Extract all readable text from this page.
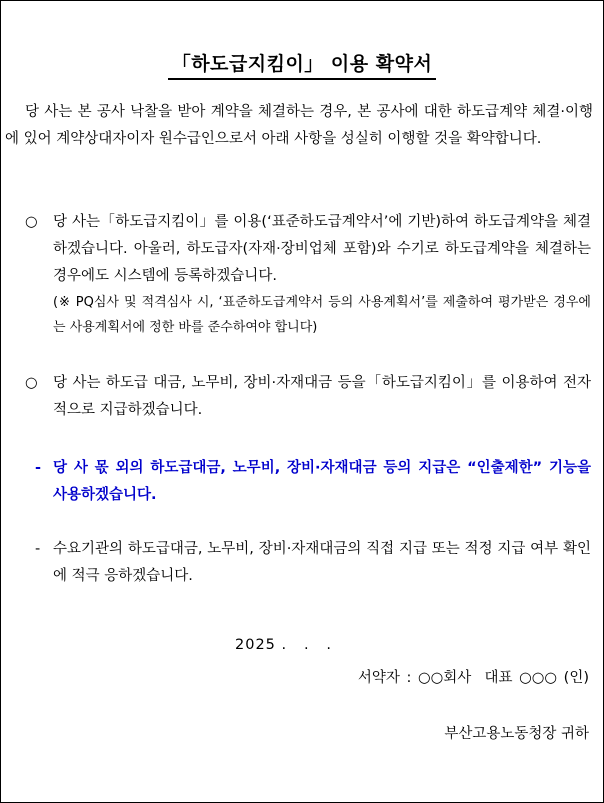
「하도급지킴이」 이용 확약서
당 사는 본 공사 낙찰을 받아 계약을 체결하는 경우, 본 공사에 대한 하도급계약 체결·이행에 있어 계약상대자이자 원수급인으로서 아래 사항을 성실히 이행할 것을 확약합니다.
○ 당 사는「하도급지킴이」를 이용(‘표준하도급계약서’에 기반)하여 하도급계약을 체결하겠습니다. 아울러, 하도급자(자재·장비업체 포함)와 수기로 하도급계약을 체결하는 경우에도 시스템에 등록하겠습니다.
(※ PQ심사 및 적격심사 시, ‘표준하도급계약서 등의 사용계획서’를 제출하여 평가받은 경우에는 사용계획서에 정한 바를 준수하여야 합니다)
○ 당 사는 하도급 대금, 노무비, 장비·자재대금 등을「하도급지킴이」를 이용하여 전자적으로 지급하겠습니다.
- 당 사 몫 외의 하도급대금, 노무비, 장비·자재대금 등의 지급은 “인출제한” 기능을 사용하겠습니다.
- 수요기관의 하도급대금, 노무비, 장비·자재대금의 직접 지급 또는 적정 지급 여부 확인에 적극 응하겠습니다.
2025 .   .   .
서약자 : ○○회사  대표 ○○○ (인)
부산고용노동청장 귀하
